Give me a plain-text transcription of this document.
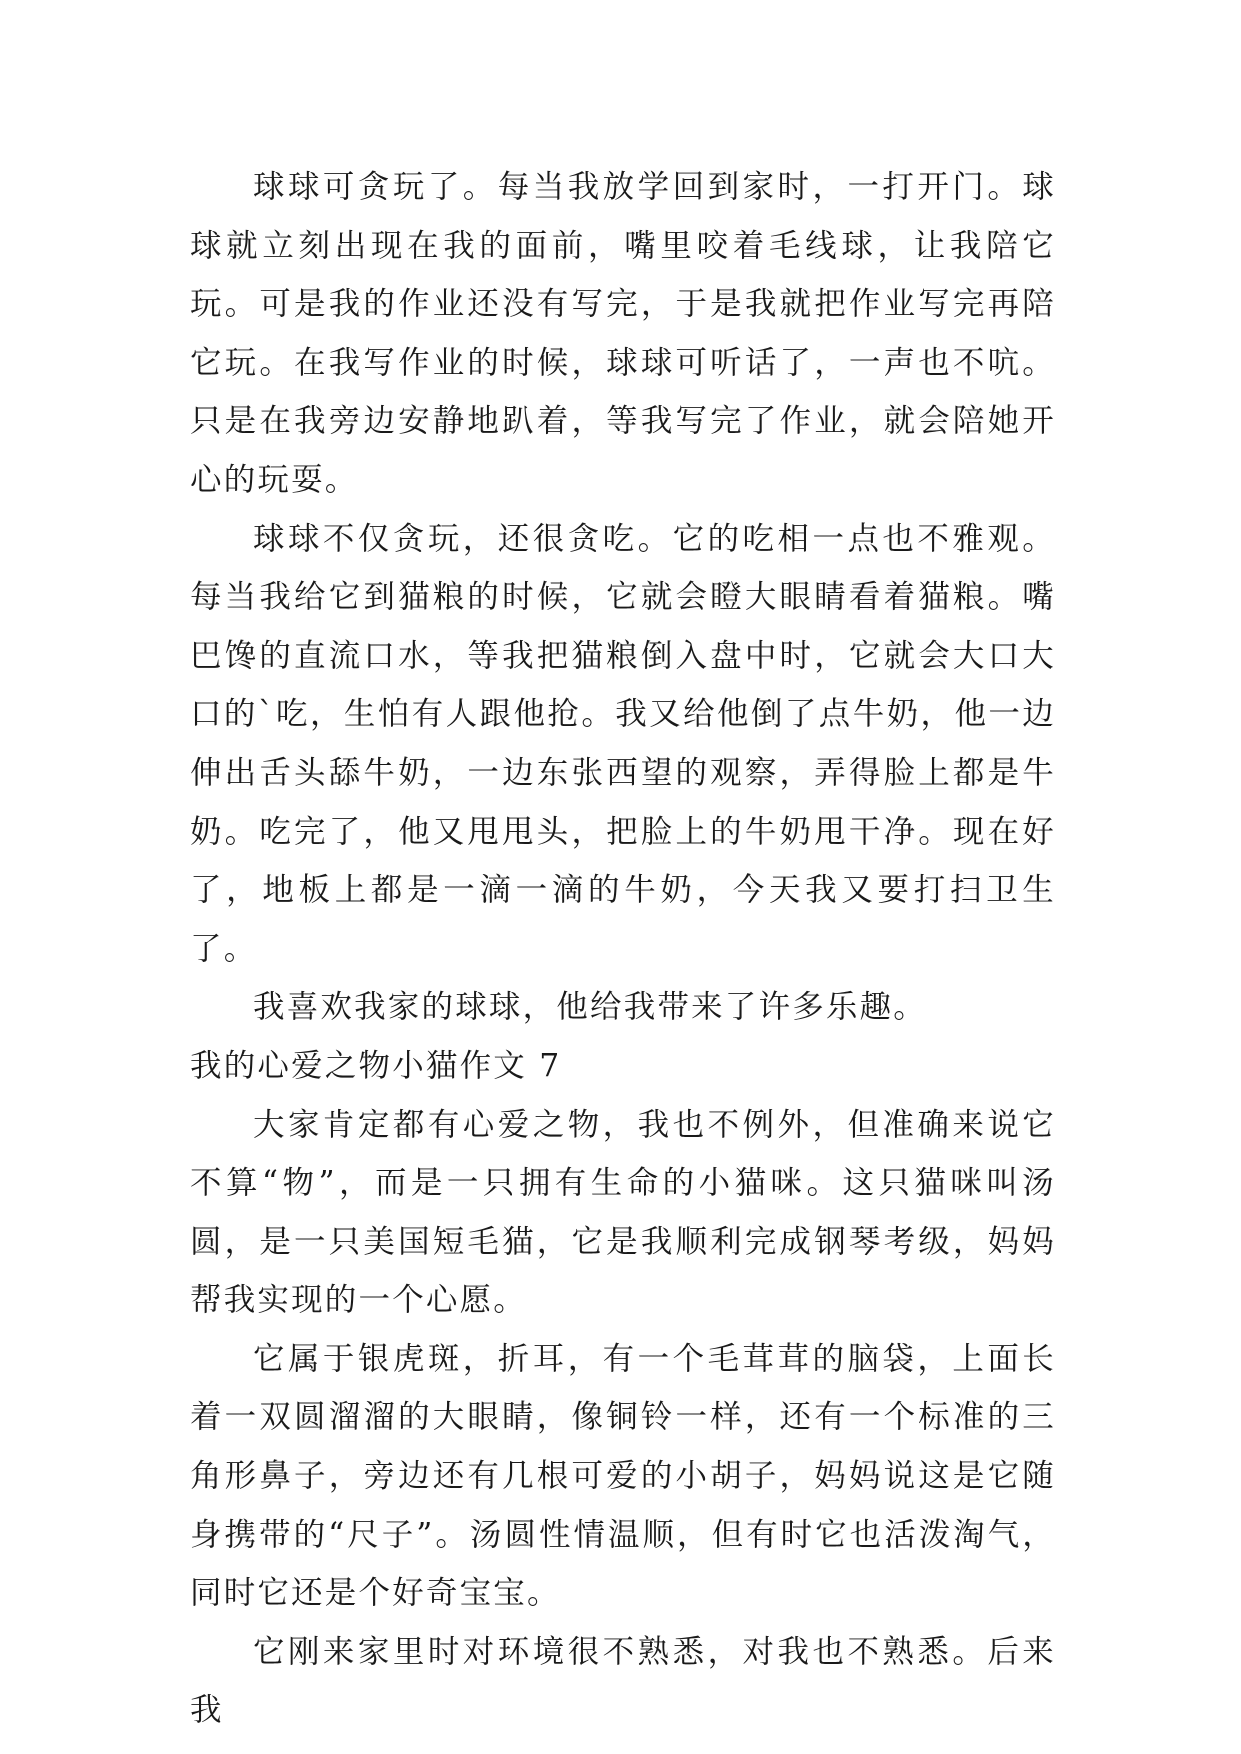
球球可贪玩了。每当我放学回到家时，一打开门。球球就立刻出现在我的面前，嘴里咬着毛线球，让我陪它玩。可是我的作业还没有写完，于是我就把作业写完再陪它玩。在我写作业的时候，球球可听话了，一声也不吭。只是在我旁边安静地趴着，等我写完了作业，就会陪她开心的玩耍。

球球不仅贪玩，还很贪吃。它的吃相一点也不雅观。每当我给它到猫粮的时候，它就会瞪大眼睛看着猫粮。嘴巴馋的直流口水，等我把猫粮倒入盘中时，它就会大口大口的`吃，生怕有人跟他抢。我又给他倒了点牛奶，他一边伸出舌头舔牛奶，一边东张西望的观察，弄得脸上都是牛奶。吃完了，他又甩甩头，把脸上的牛奶甩干净。现在好了，地板上都是一滴一滴的牛奶，今天我又要打扫卫生了。

我喜欢我家的球球，他给我带来了许多乐趣。

我的心爱之物小猫作文 7

大家肯定都有心爱之物，我也不例外，但准确来说它不算“物”，而是一只拥有生命的小猫咪。这只猫咪叫汤圆，是一只美国短毛猫，它是我顺利完成钢琴考级，妈妈帮我实现的一个心愿。

它属于银虎斑，折耳，有一个毛茸茸的脑袋，上面长着一双圆溜溜的大眼睛，像铜铃一样，还有一个标准的三角形鼻子，旁边还有几根可爱的小胡子，妈妈说这是它随身携带的“尺子”。汤圆性情温顺，但有时它也活泼淘气，同时它还是个好奇宝宝。

它刚来家里时对环境很不熟悉，对我也不熟悉。后来我
